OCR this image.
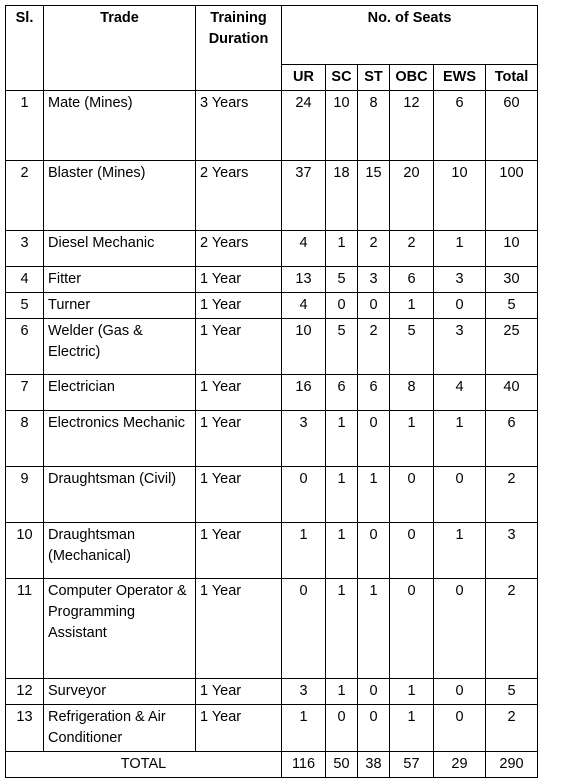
Sl.	Trade	Training Duration	No. of Seats					
			UR	SC	ST	OBC	EWS	Total
1	Mate (Mines)	3 Years	24	10	8	12	6	60
2	Blaster (Mines)	2 Years	37	18	15	20	10	100
3	Diesel Mechanic	2 Years	4	1	2	2	1	10
4	Fitter	1 Year	13	5	3	6	3	30
5	Turner	1 Year	4	0	0	1	0	5
6	Welder (Gas & Electric)	1 Year	10	5	2	5	3	25
7	Electrician	1 Year	16	6	6	8	4	40
8	Electronics Mechanic	1 Year	3	1	0	1	1	6
9	Draughtsman (Civil)	1 Year	0	1	1	0	0	2
10	Draughtsman (Mechanical)	1 Year	1	1	0	0	1	3
11	Computer Operator & Programming Assistant	1 Year	0	1	1	0	0	2
12	Surveyor	1 Year	3	1	0	1	0	5
13	Refrigeration & Air Conditioner	1 Year	1	0	0	1	0	2
TOTAL			116	50	38	57	29	290
